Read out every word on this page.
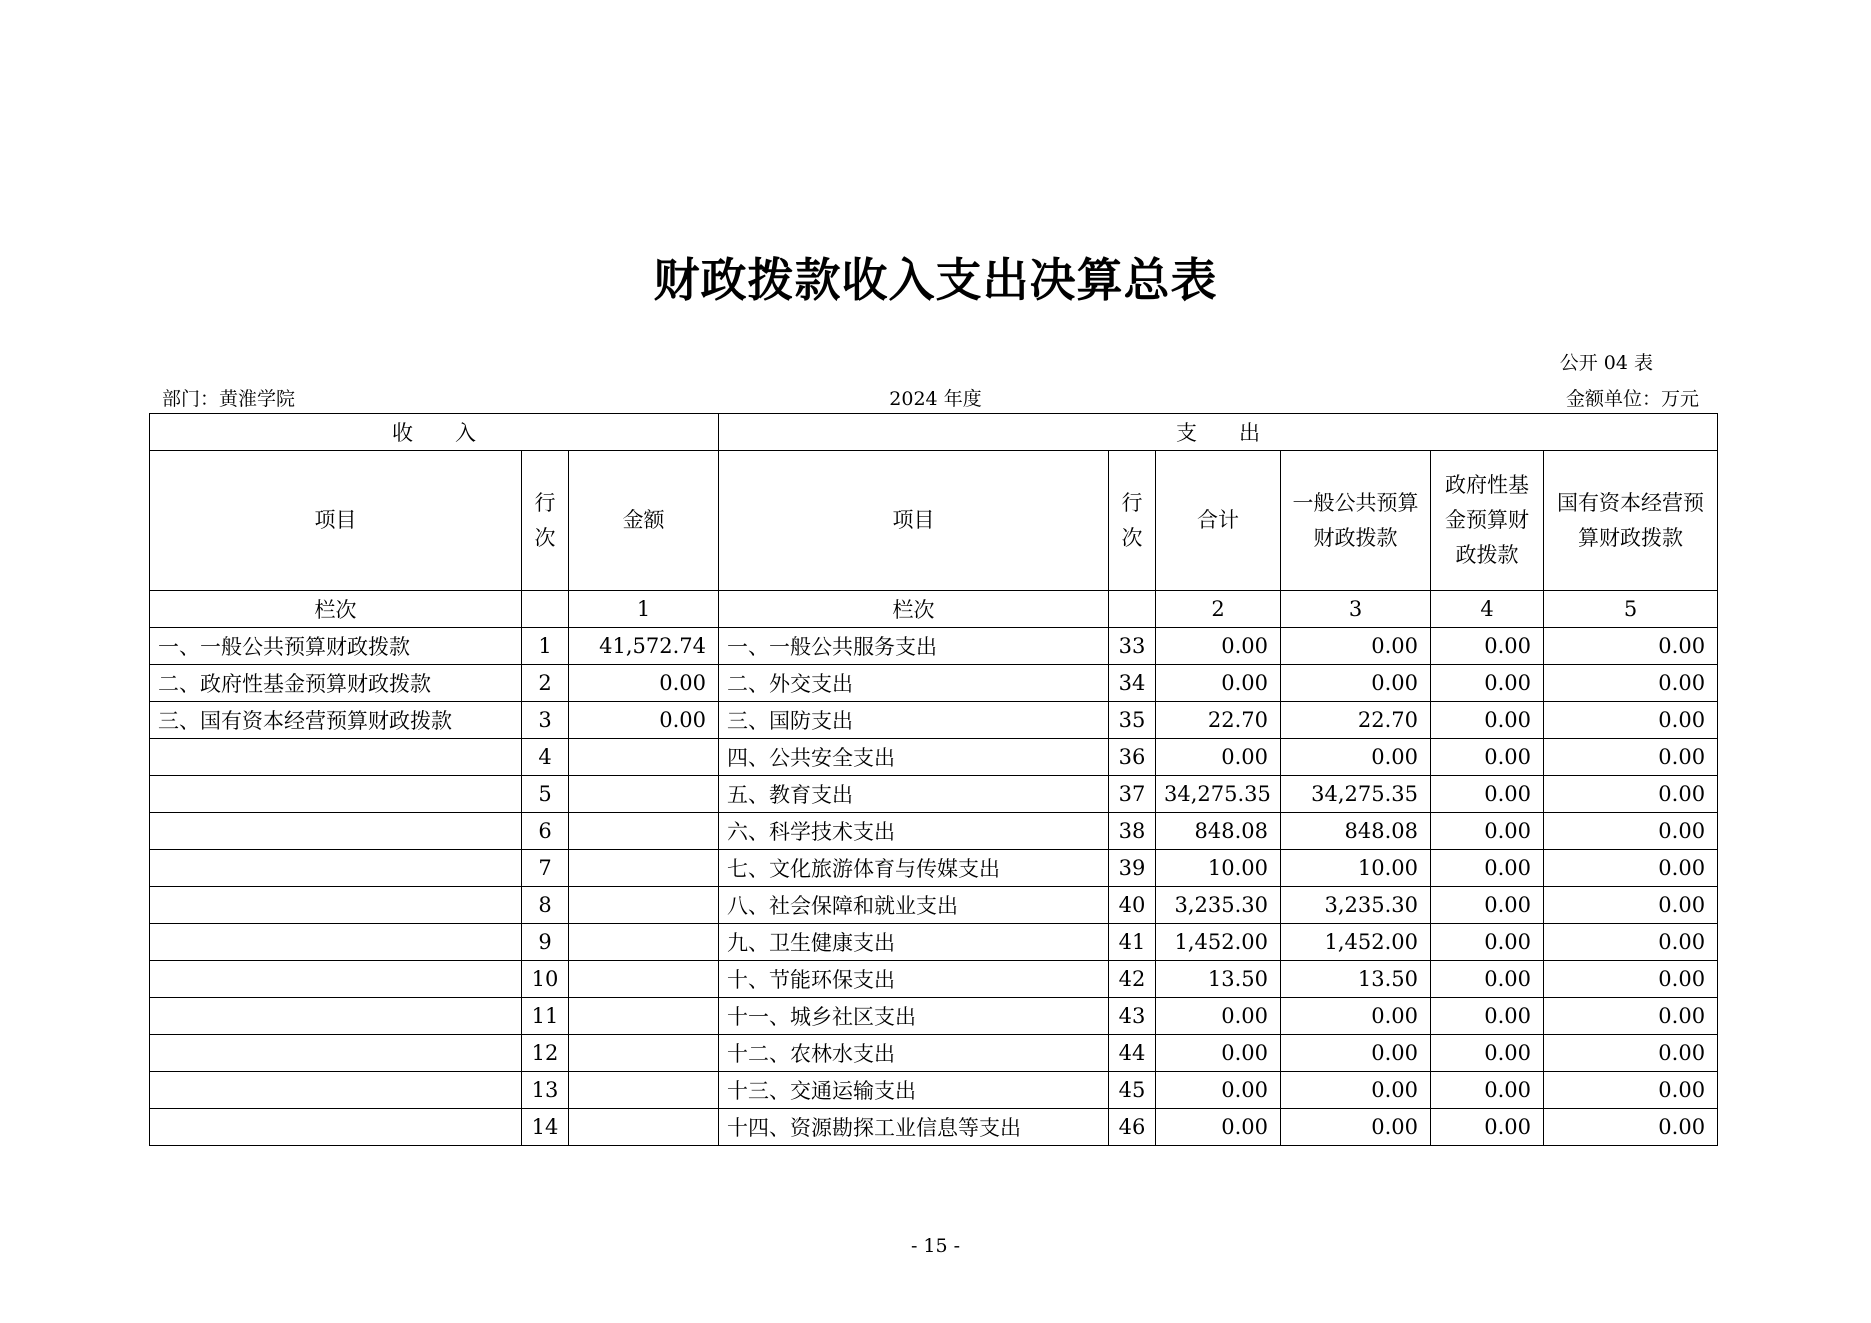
财政拨款收入支出决算总表
公开 04 表
部门：黄淮学院	2024 年度	金额单位：万元
收　　入			支　　出					
项目	行次	金额	项目	行次	合计	一般公共预算财政拨款	政府性基金预算财政拨款	国有资本经营预算财政拨款
栏次		1	栏次		2	3	4	5
一、一般公共预算财政拨款	1	41,572.74	一、一般公共服务支出	33	0.00	0.00	0.00	0.00
二、政府性基金预算财政拨款	2	0.00	二、外交支出	34	0.00	0.00	0.00	0.00
三、国有资本经营预算财政拨款	3	0.00	三、国防支出	35	22.70	22.70	0.00	0.00
	4		四、公共安全支出	36	0.00	0.00	0.00	0.00
	5		五、教育支出	37	34,275.35	34,275.35	0.00	0.00
	6		六、科学技术支出	38	848.08	848.08	0.00	0.00
	7		七、文化旅游体育与传媒支出	39	10.00	10.00	0.00	0.00
	8		八、社会保障和就业支出	40	3,235.30	3,235.30	0.00	0.00
	9		九、卫生健康支出	41	1,452.00	1,452.00	0.00	0.00
	10		十、节能环保支出	42	13.50	13.50	0.00	0.00
	11		十一、城乡社区支出	43	0.00	0.00	0.00	0.00
	12		十二、农林水支出	44	0.00	0.00	0.00	0.00
	13		十三、交通运输支出	45	0.00	0.00	0.00	0.00
	14		十四、资源勘探工业信息等支出	46	0.00	0.00	0.00	0.00
- 15 -
